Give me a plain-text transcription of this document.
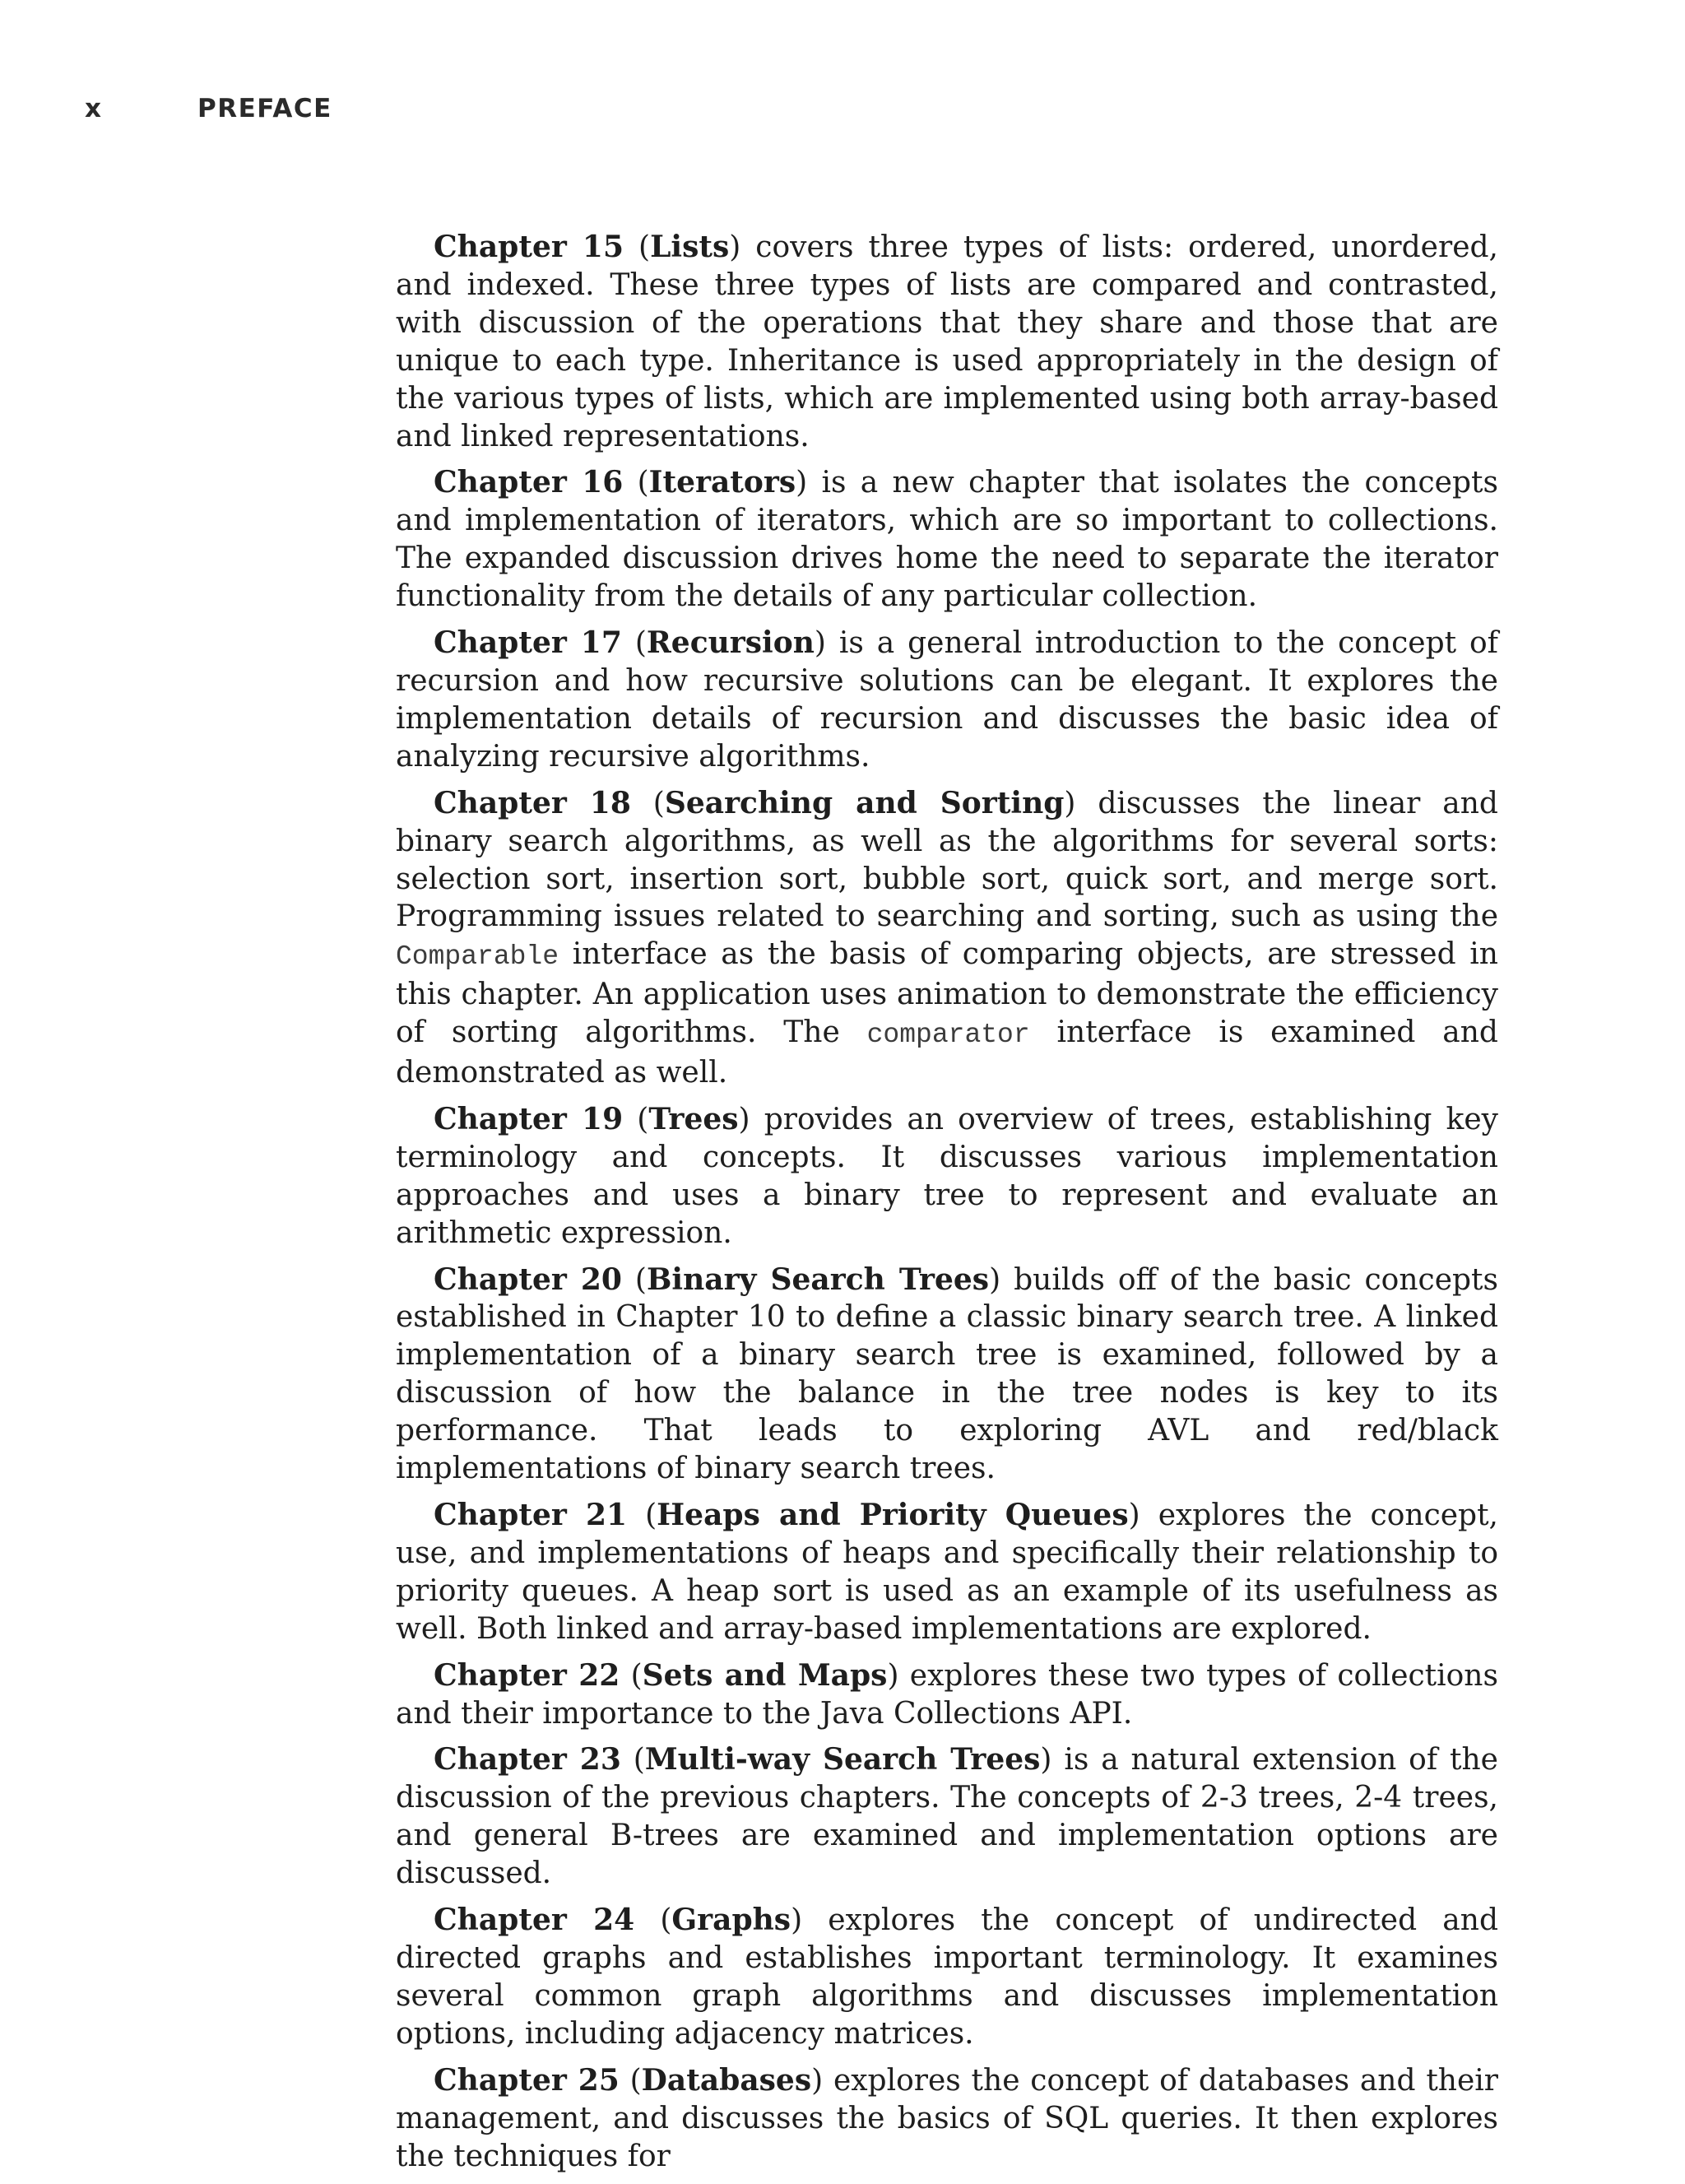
x	PREFACE

Chapter 15 (Lists) covers three types of lists: ordered, unordered, and indexed. These three types of lists are compared and contrasted, with discussion of the operations that they share and those that are unique to each type. Inheritance is used appropriately in the design of the various types of lists, which are implemented using both array-based and linked representations.

Chapter 16 (Iterators) is a new chapter that isolates the concepts and implementation of iterators, which are so important to collections. The expanded discussion drives home the need to separate the iterator functionality from the details of any particular collection.

Chapter 17 (Recursion) is a general introduction to the concept of recursion and how recursive solutions can be elegant. It explores the implementation details of recursion and discusses the basic idea of analyzing recursive algorithms.

Chapter 18 (Searching and Sorting) discusses the linear and binary search algorithms, as well as the algorithms for several sorts: selection sort, insertion sort, bubble sort, quick sort, and merge sort. Programming issues related to searching and sorting, such as using the Comparable interface as the basis of comparing objects, are stressed in this chapter. An application uses animation to demonstrate the efficiency of sorting algorithms. The comparator interface is examined and demonstrated as well.

Chapter 19 (Trees) provides an overview of trees, establishing key terminology and concepts. It discusses various implementation approaches and uses a binary tree to represent and evaluate an arithmetic expression.

Chapter 20 (Binary Search Trees) builds off of the basic concepts established in Chapter 10 to define a classic binary search tree. A linked implementation of a binary search tree is examined, followed by a discussion of how the balance in the tree nodes is key to its performance. That leads to exploring AVL and red/black implementations of binary search trees.

Chapter 21 (Heaps and Priority Queues) explores the concept, use, and implementations of heaps and specifically their relationship to priority queues. A heap sort is used as an example of its usefulness as well. Both linked and array-based implementations are explored.

Chapter 22 (Sets and Maps) explores these two types of collections and their importance to the Java Collections API.

Chapter 23 (Multi-way Search Trees) is a natural extension of the discussion of the previous chapters. The concepts of 2-3 trees, 2-4 trees, and general B-trees are examined and implementation options are discussed.

Chapter 24 (Graphs) explores the concept of undirected and directed graphs and establishes important terminology. It examines several common graph algorithms and discusses implementation options, including adjacency matrices.

Chapter 25 (Databases) explores the concept of databases and their management, and discusses the basics of SQL queries. It then explores the techniques for
